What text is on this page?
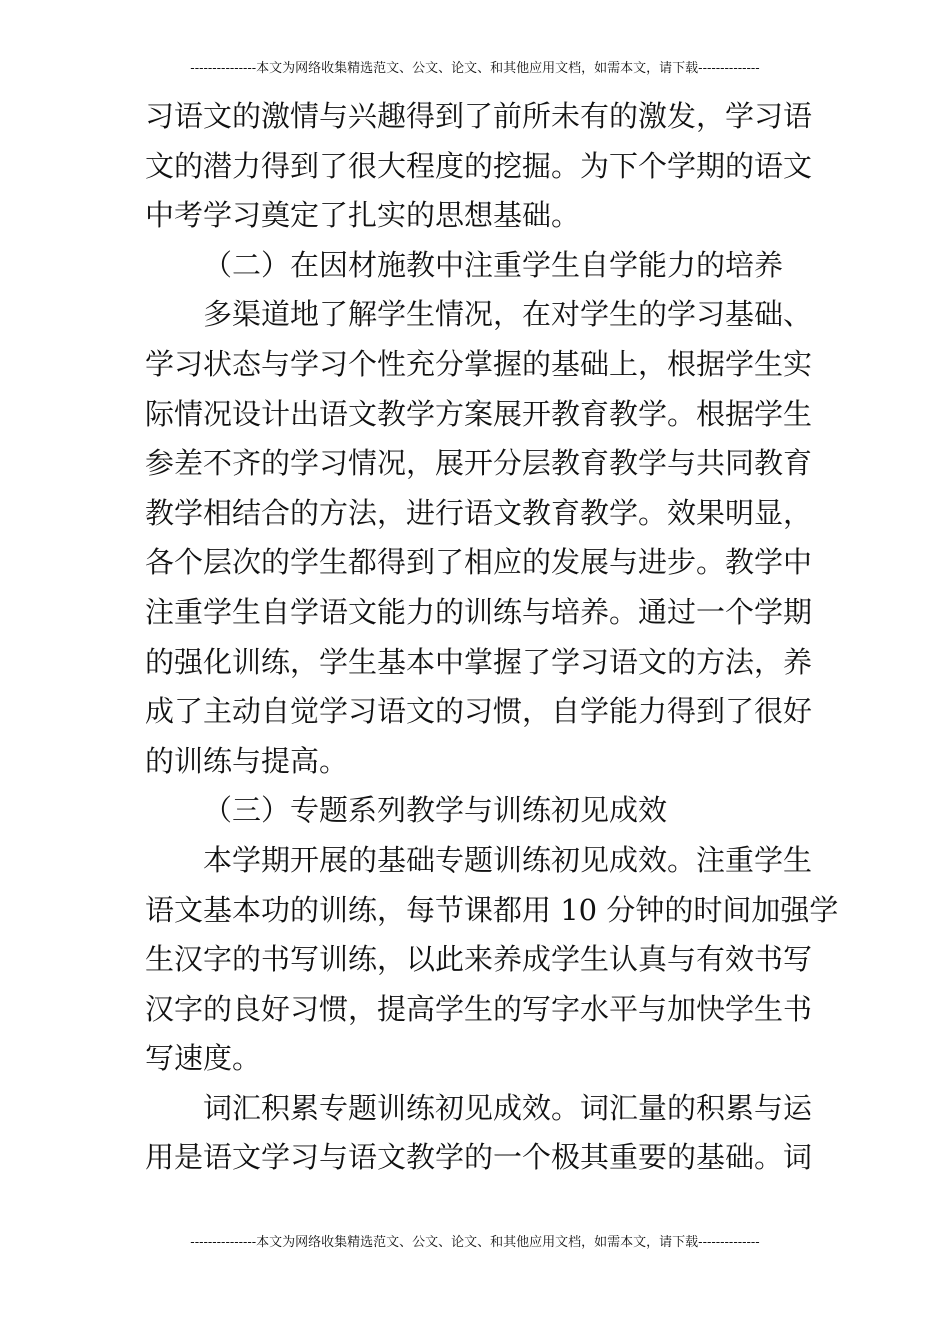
---------------本文为网络收集精选范文、公文、论文、和其他应用文档，如需本文，请下载--------------
习语文的激情与兴趣得到了前所未有的激发，学习语
文的潜力得到了很大程度的挖掘。为下个学期的语文
中考学习奠定了扎实的思想基础。
（二）在因材施教中注重学生自学能力的培养
多渠道地了解学生情况，在对学生的学习基础、
学习状态与学习个性充分掌握的基础上，根据学生实
际情况设计出语文教学方案展开教育教学。根据学生
参差不齐的学习情况，展开分层教育教学与共同教育
教学相结合的方法，进行语文教育教学。效果明显，
各个层次的学生都得到了相应的发展与进步。教学中
注重学生自学语文能力的训练与培养。通过一个学期
的强化训练，学生基本中掌握了学习语文的方法，养
成了主动自觉学习语文的习惯，自学能力得到了很好
的训练与提高。
（三）专题系列教学与训练初见成效
本学期开展的基础专题训练初见成效。注重学生
语文基本功的训练，每节课都用 10 分钟的时间加强学
生汉字的书写训练，以此来养成学生认真与有效书写
汉字的良好习惯，提高学生的写字水平与加快学生书
写速度。
词汇积累专题训练初见成效。词汇量的积累与运
用是语文学习与语文教学的一个极其重要的基础。词
---------------本文为网络收集精选范文、公文、论文、和其他应用文档，如需本文，请下载--------------
